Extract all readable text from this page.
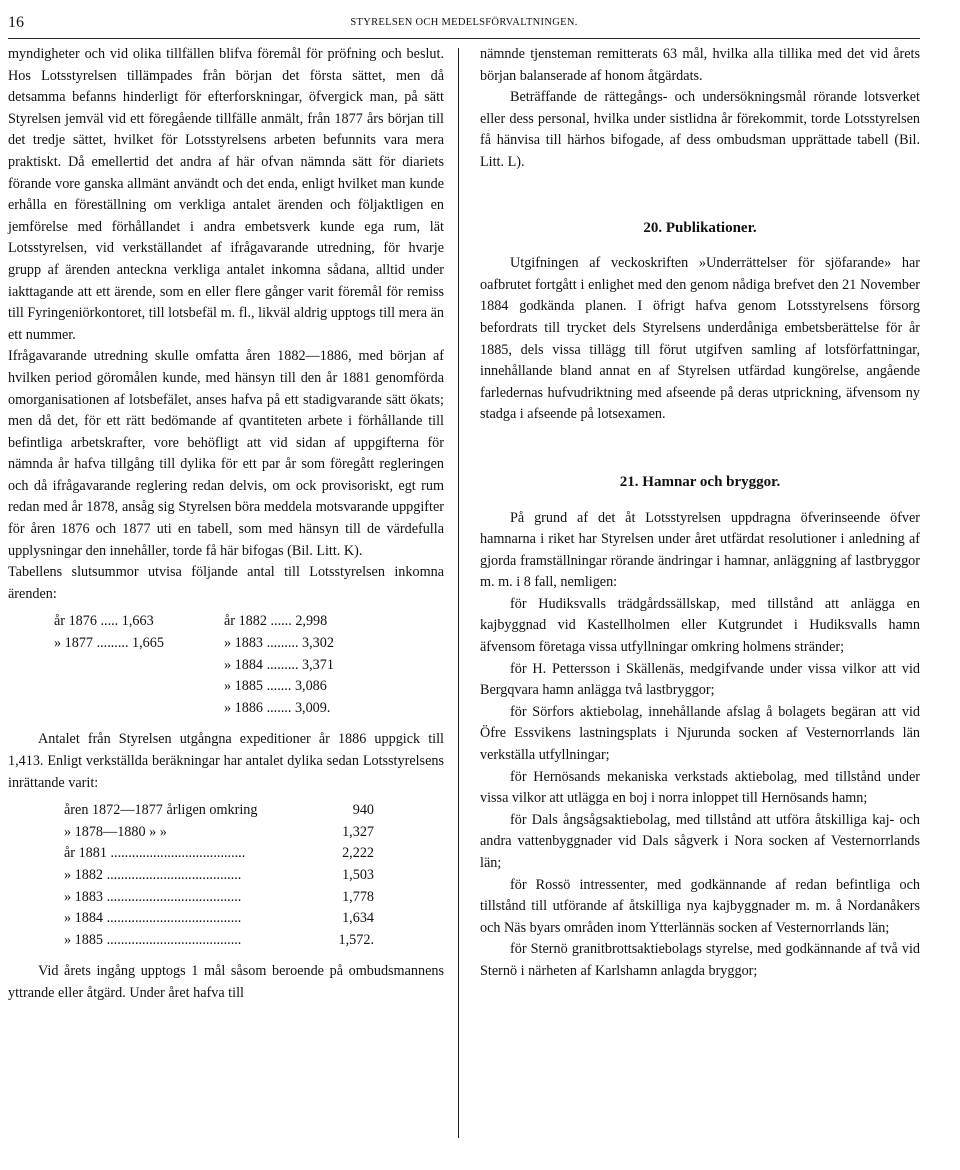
16	STYRELSEN OCH MEDELSFÖRVALTNINGEN.

myndigheter och vid olika tillfällen blifva föremål för pröfning och beslut. Hos Lotsstyrelsen tillämpades från början det första sättet, men då detsamma befanns hinderligt för efterforskningar, öfvergick man, på sätt Styrelsen jemväl vid ett föregående tillfälle anmält, från 1877 års början till det tredje sättet, hvilket för Lotsstyrelsens arbeten befunnits vara mera praktiskt. Då emellertid det andra af här ofvan nämnda sätt för diariets förande vore ganska allmänt användt och det enda, enligt hvilket man kunde erhålla en föreställning om verkliga antalet ärenden och följaktligen en jemförelse med förhållandet i andra embetsverk kunde ega rum, lät Lotsstyrelsen, vid verkställandet af ifrågavarande utredning, för hvarje grupp af ärenden anteckna verkliga antalet inkomna sådana, alltid under iakttagande att ett ärende, som en eller flere gånger varit föremål för remiss till Fyringeniörkontoret, till lotsbefäl m. fl., likväl aldrig upptogs till mera än ett nummer.

Ifrågavarande utredning skulle omfatta åren 1882—1886, med början af hvilken period göromålen kunde, med hänsyn till den år 1881 genomförda omorganisationen af lotsbefälet, anses hafva på ett stadigvarande sätt ökats; men då det, för ett rätt bedömande af qvantiteten arbete i förhållande till befintliga arbetskrafter, vore behöfligt att vid sidan af uppgifterna för nämnda år hafva tillgång till dylika för ett par år som föregått regleringen och då ifrågavarande reglering redan delvis, om ock provisoriskt, egt rum redan med år 1878, ansåg sig Styrelsen böra meddela motsvarande uppgifter för åren 1876 och 1877 uti en tabell, som med hänsyn till de värdefulla upplysningar den innehåller, torde få här bifogas (Bil. Litt. K).

Tabellens slutsummor utvisa följande antal till Lotsstyrelsen inkomna ärenden:

år 1876 ..... 1,663	år 1882 ...... 2,998
» 1877 ......... 1,665	» 1883 ......... 3,302
» 1884 ......... 3,371
» 1885 ....... 3,086
» 1886 ....... 3,009.

Antalet från Styrelsen utgångna expeditioner år 1886 uppgick till 1,413. Enligt verkställda beräkningar har antalet dylika sedan Lotsstyrelsens inrättande varit:

åren 1872—1877 årligen omkring	940
» 1878—1880 » »	1,327
år 1881 ......................................	2,222
» 1882 ......................................	1,503
» 1883 ......................................	1,778
» 1884 ......................................	1,634
» 1885 ......................................	1,572.

Vid årets ingång upptogs 1 mål såsom beroende på ombudsmannens yttrande eller åtgärd. Under året hafva till

nämnde tjensteman remitterats 63 mål, hvilka alla tillika med det vid årets början balanserade af honom åtgärdats.

Beträffande de rättegångs- och undersökningsmål rörande lotsverket eller dess personal, hvilka under sistlidna år förekommit, torde Lotsstyrelsen få hänvisa till härhos bifogade, af dess ombudsman upprättade tabell (Bil. Litt. L).

20. Publikationer.

Utgifningen af veckoskriften »Underrättelser för sjöfarande» har oafbrutet fortgått i enlighet med den genom nådiga brefvet den 21 November 1884 godkända planen. I öfrigt hafva genom Lotsstyrelsens försorg befordrats till trycket dels Styrelsens underdåniga embetsberättelse för år 1885, dels vissa tillägg till förut utgifven samling af lotsförfattningar, innehållande bland annat en af Styrelsen utfärdad kungörelse, angående farledernas hufvudriktning med afseende på deras utprickning, äfvensom ny stadga i afseende på lotsexamen.

21. Hamnar och bryggor.

På grund af det åt Lotsstyrelsen uppdragna öfverinseende öfver hamnarna i riket har Styrelsen under året utfärdat resolutioner i anledning af gjorda framställningar rörande ändringar i hamnar, anläggning af lastbryggor m. m. i 8 fall, nemligen:

för Hudiksvalls trädgårdssällskap, med tillstånd att anlägga en kajbyggnad vid Kastellholmen eller Kutgrundet i Hudiksvalls hamn äfvensom företaga vissa utfyllningar omkring holmens stränder;

för H. Pettersson i Skällenäs, medgifvande under vissa vilkor att vid Bergqvara hamn anlägga två lastbryggor;

för Sörfors aktiebolag, innehållande afslag å bolagets begäran att vid Öfre Essvikens lastningsplats i Njurunda socken af Vesternorrlands län verkställa utfyllningar;

för Hernösands mekaniska verkstads aktiebolag, med tillstånd under vissa vilkor att utlägga en boj i norra inloppet till Hernösands hamn;

för Dals ångsågsaktiebolag, med tillstånd att utföra åtskilliga kaj- och andra vattenbyggnader vid Dals sågverk i Nora socken af Vesternorrlands län;

för Rossö intressenter, med godkännande af redan befintliga och tillstånd till utförande af åtskilliga nya kajbyggnader m. m. å Nordanåkers och Näs byars områden inom Ytterlännäs socken af Vesternorrlands län;

för Sternö granitbrottsaktiebolags styrelse, med godkännande af två vid Sternö i närheten af Karlshamn anlagda bryggor;
